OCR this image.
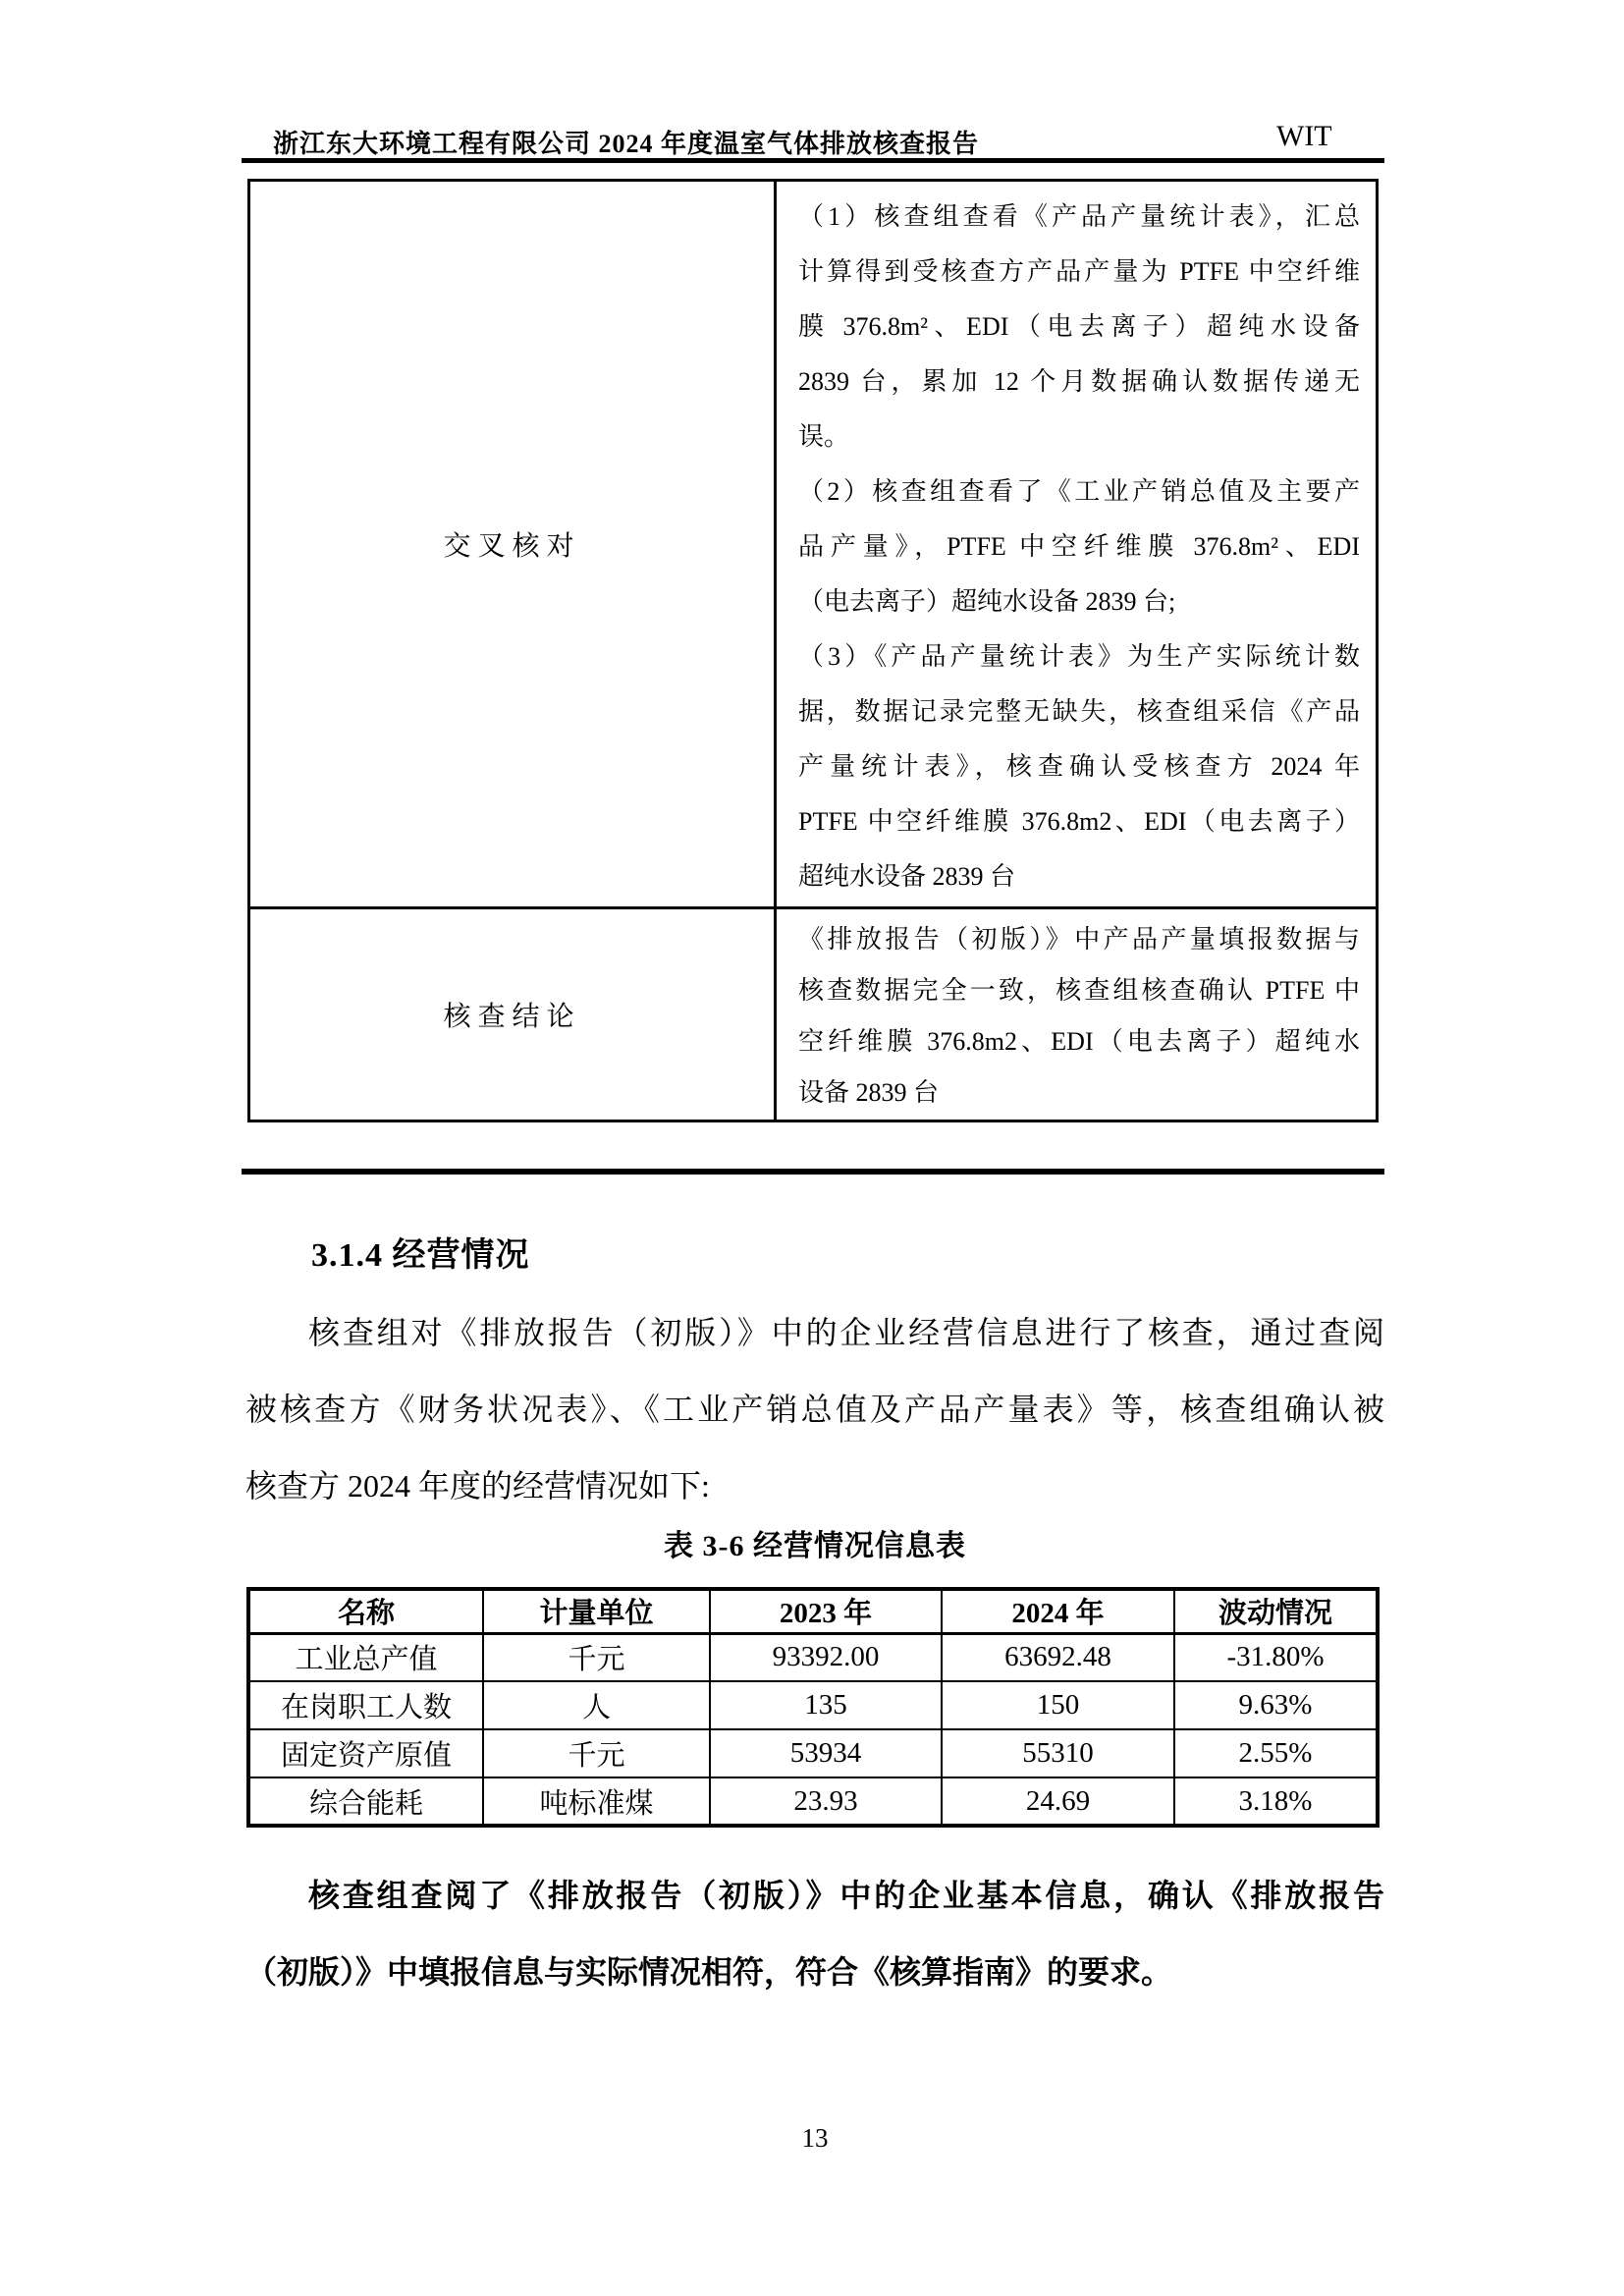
浙江东大环境工程有限公司 2024 年度温室气体排放核查报告	WIT
交叉核对
（1）核查组查看《产品产量统计表》，汇总
计算得到受核查方产品产量为 PTFE 中空纤维
膜 376.8m²、EDI（电去离子）超纯水设备
2839 台，累加 12 个月数据确认数据传递无
误。
（2）核查组查看了《工业产销总值及主要产
品产量》，PTFE 中空纤维膜 376.8m²、EDI
（电去离子）超纯水设备 2839 台;
（3）《产品产量统计表》为生产实际统计数
据，数据记录完整无缺失，核查组采信《产品
产量统计表》，核查确认受核查方 2024 年
PTFE 中空纤维膜 376.8m2、EDI（电去离子）
超纯水设备 2839 台
核查结论
《排放报告（初版）》中产品产量填报数据与
核查数据完全一致，核查组核查确认 PTFE 中
空纤维膜 376.8m2、EDI（电去离子）超纯水
设备 2839 台
3.1.4 经营情况
核查组对《排放报告（初版）》中的企业经营信息进行了核查，通过查阅
被核查方《财务状况表》、《工业产销总值及产品产量表》等，核查组确认被
核查方 2024 年度的经营情况如下:
表 3-6 经营情况信息表
名称	计量单位	2023 年	2024 年	波动情况
工业总产值	千元	93392.00	63692.48	-31.80%
在岗职工人数	人	135	150	9.63%
固定资产原值	千元	53934	55310	2.55%
综合能耗	吨标准煤	23.93	24.69	3.18%
核查组查阅了《排放报告（初版）》中的企业基本信息，确认《排放报告
（初版）》中填报信息与实际情况相符，符合《核算指南》的要求。
13
